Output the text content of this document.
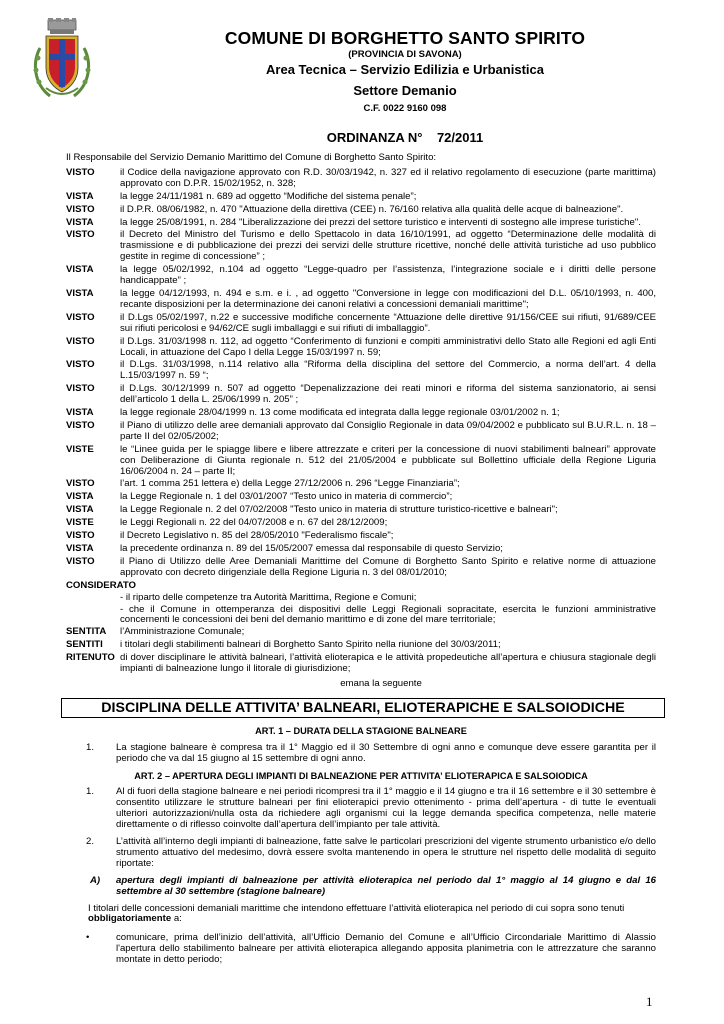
COMUNE DI BORGHETTO SANTO SPIRITO
(PROVINCIA DI SAVONA)
Area Tecnica – Servizio Edilizia e Urbanistica
Settore Demanio
C.F. 0022 9160 098
ORDINANZA N°    72/2011
Il Responsabile del Servizio Demanio Marittimo del Comune di Borghetto Santo Spirito:
VISTO	il Codice della navigazione approvato con R.D. 30/03/1942, n. 327 ed il relativo regolamento di esecuzione (parte marittima) approvato con D.P.R. 15/02/1952, n. 328;
VISTA	la legge 24/11/1981 n. 689 ad oggetto “Modifiche del sistema penale”;
VISTO	il D.P.R. 08/06/1982, n. 470 "Attuazione della direttiva (CEE) n. 76/160 relativa alla qualità delle acque di balneazione".
VISTA	la legge 25/08/1991, n. 284 "Liberalizzazione dei prezzi del settore turistico e interventi di sostegno alle imprese turistiche".
VISTO	il Decreto del Ministro del Turismo e dello Spettacolo in data 16/10/1991, ad oggetto “Determinazione delle modalità di trasmissione e di pubblicazione dei prezzi dei servizi delle strutture ricettive, nonché delle attività turistiche ad uso pubblico gestite in regime di concessione” ;
VISTA	la legge 05/02/1992, n.104 ad oggetto “Legge-quadro per l’assistenza, l’integrazione sociale e i diritti delle persone handicappate” ;
VISTA	la legge 04/12/1993, n. 494 e s.m. e i. , ad oggetto "Conversione in legge con modificazioni del D.L. 05/10/1993, n. 400, recante disposizioni per la determinazione dei canoni relativi a concessioni demaniali marittime";
VISTO	il D.Lgs 05/02/1997, n.22 e successive modifiche concernente “Attuazione delle direttive 91/156/CEE sui rifiuti, 91/689/CEE sui rifiuti pericolosi e 94/62/CE sugli imballaggi e sui rifiuti di imballaggio”.
VISTO	il D.Lgs. 31/03/1998 n. 112, ad oggetto “Conferimento di funzioni e compiti amministrativi dello Stato alle Regioni ed agli Enti Locali, in attuazione del Capo I della Legge 15/03/1997 n. 59;
VISTO	il D.Lgs. 31/03/1998, n.114 relativo alla “Riforma della disciplina del settore del Commercio, a norma dell’art. 4 della L.15/03/1997 n. 59 “;
VISTO	il D.Lgs. 30/12/1999 n. 507 ad oggetto “Depenalizzazione dei reati minori e riforma del sistema sanzionatorio, ai sensi dell’articolo 1 della L. 25/06/1999 n. 205” ;
VISTA	la legge regionale 28/04/1999 n. 13 come modificata ed integrata dalla legge regionale 03/01/2002 n. 1;
VISTO	il Piano di utilizzo delle aree demaniali approvato dal Consiglio Regionale in data 09/04/2002 e pubblicato sul B.U.R.L. n. 18 – parte II del 02/05/2002;
VISTE	le “Linee guida per le spiagge libere e libere attrezzate e criteri per la concessione di nuovi stabilimenti balneari” approvate con Deliberazione di Giunta regionale n. 512 del 21/05/2004 e pubblicate sul Bollettino ufficiale della Regione Liguria 16/06/2004 n. 24 – parte II;
VISTO	l’art. 1 comma 251 lettera e) della Legge 27/12/2006 n. 296 “Legge Finanziaria”;
VISTA	la Legge Regionale n. 1 del 03/01/2007 “Testo unico in materia di commercio”;
VISTA	la Legge Regionale n. 2 del 07/02/2008 "Testo unico in materia di strutture turistico-ricettive e balneari";
VISTE	le Leggi Regionali n. 22 del 04/07/2008 e n. 67 del 28/12/2009;
VISTO	il Decreto Legislativo n. 85 del 28/05/2010 "Federalismo fiscale";
VISTA	la precedente ordinanza n. 89 del 15/05/2007 emessa dal responsabile di questo Servizio;
VISTO	il Piano di Utilizzo delle Aree Demaniali Marittime del Comune di Borghetto Santo Spirito e relative norme di attuazione approvato con decreto dirigenziale della Regione Liguria n. 3 del 08/01/2010;
CONSIDERATO
- il riparto delle competenze tra Autorità Marittima, Regione e Comuni;
- che il Comune in ottemperanza dei dispositivi delle Leggi Regionali sopracitate, esercita le funzioni amministrative concernenti le concessioni dei beni del demanio marittimo e di zone del mare territoriale;
SENTITA	l’Amministrazione Comunale;
SENTITI	i titolari degli stabilimenti balneari di Borghetto Santo Spirito nella riunione del 30/03/2011;
RITENUTO di dover disciplinare le attività balneari, l’attività elioterapica e le attività propedeutiche all’apertura e chiusura stagionale degli impianti di balneazione lungo il litorale di giurisdizione;
emana la seguente
DISCIPLINA DELLE ATTIVITA’ BALNEARI, ELIOTERAPICHE E SALSOIODICHE
ART. 1 – DURATA DELLA STAGIONE BALNEARE
1.	La stagione balneare è compresa tra il 1° Maggio ed il 30 Settembre di ogni anno e comunque deve essere garantita per il periodo che va dal 15 giugno al 15 settembre di ogni anno.
ART. 2 – APERTURA DEGLI IMPIANTI DI BALNEAZIONE PER ATTIVITA’ ELIOTERAPICA E SALSOIODICA
1.	Al di fuori della stagione balneare e nei periodi ricompresi tra il 1° maggio e il 14 giugno e tra il 16 settembre e il 30 settembre è consentito utilizzare le strutture balneari per fini elioterapici previo ottenimento - prima dell’apertura - di tutte le eventuali ulteriori autorizzazioni/nulla osta da richiedere agli organismi cui la legge demanda specifica competenza, nelle materie direttamente o di riflesso coinvolte dall’apertura dell’impianto per tale attività.
2.	L’attività all’interno degli impianti di balneazione, fatte salve le particolari prescrizioni del vigente strumento urbanistico e/o dello strumento attuativo del medesimo, dovrà essere svolta mantenendo in opera le strutture nel rispetto delle modalità di seguito riportate:
A)	apertura degli impianti di balneazione per attività elioterapica nel periodo dal 1° maggio al 14 giugno e dal 16 settembre al 30 settembre (stagione balneare)
I titolari delle concessioni demaniali marittime che intendono effettuare l’attività elioterapica nel periodo di cui sopra sono tenuti
obbligatoriamente a:
•	comunicare, prima dell’inizio dell’attività, all’Ufficio Demanio del Comune e all’Ufficio Circondariale Marittimo di Alassio l'apertura dello stabilimento balneare per attività elioterapica allegando apposita planimetria con le attrezzature che saranno montate in detto periodo;
1
